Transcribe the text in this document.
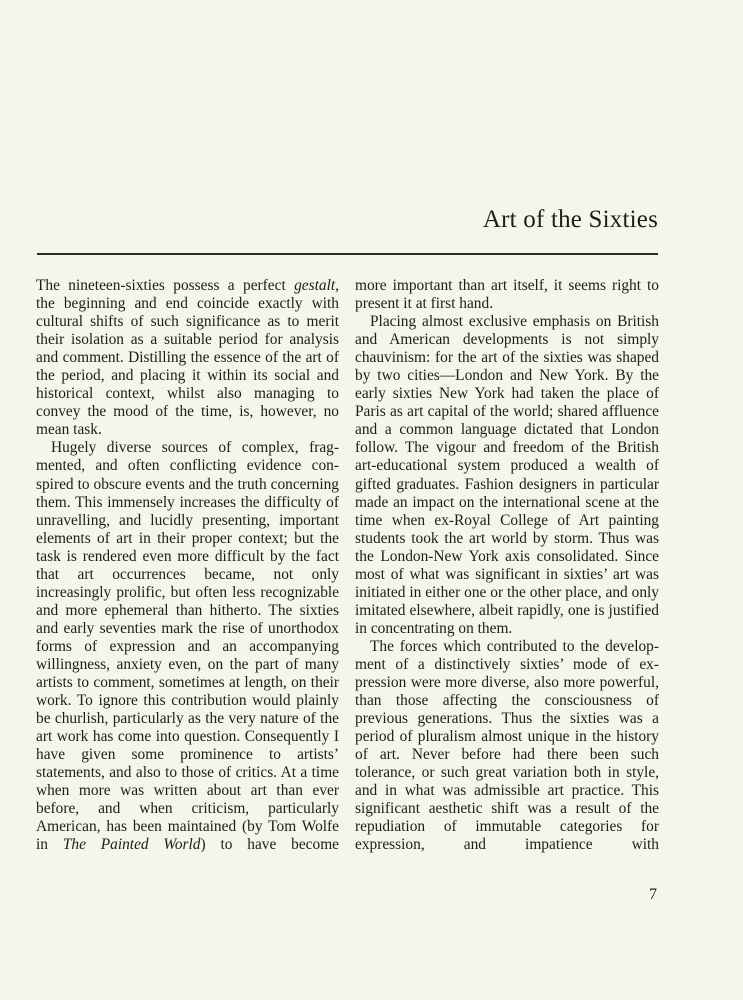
Art of the Sixties

The nineteen-sixties possess a perfect gestalt, the beginning and end coincide exactly with cultural shifts of such significance as to merit their isolation as a suitable period for analysis and comment. Distilling the essence of the art of the period, and placing it within its social and historical context, whilst also managing to convey the mood of the time, is, however, no mean task.

Hugely diverse sources of complex, fragmented, and often conflicting evidence conspired to obscure events and the truth concerning them. This immensely increases the difficulty of unravelling, and lucidly presenting, important elements of art in their proper context; but the task is rendered even more difficult by the fact that art occurrences became, not only increasingly prolific, but often less recognizable and more ephemeral than hitherto. The sixties and early seventies mark the rise of unorthodox forms of expression and an accompanying willingness, anxiety even, on the part of many artists to comment, sometimes at length, on their work. To ignore this contribution would plainly be churlish, particularly as the very nature of the art work has come into question. Consequently I have given some prominence to artists’ statements, and also to those of critics. At a time when more was written about art than ever before, and when criticism, particularly American, has been maintained (by Tom Wolfe in The Painted World) to have become

more important than art itself, it seems right to present it at first hand.

Placing almost exclusive emphasis on British and American developments is not simply chauvinism: for the art of the sixties was shaped by two cities—London and New York. By the early sixties New York had taken the place of Paris as art capital of the world; shared affluence and a common language dictated that London follow. The vigour and freedom of the British art-educational system produced a wealth of gifted graduates. Fashion designers in particular made an impact on the international scene at the time when ex-Royal College of Art painting students took the art world by storm. Thus was the London-New York axis consolidated. Since most of what was significant in sixties’ art was initiated in either one or the other place, and only imitated elsewhere, albeit rapidly, one is justified in concentrating on them.

The forces which contributed to the development of a distinctively sixties’ mode of expression were more diverse, also more powerful, than those affecting the consciousness of previous generations. Thus the sixties was a period of pluralism almost unique in the history of art. Never before had there been such tolerance, or such great variation both in style, and in what was admissible art practice. This significant aesthetic shift was a result of the repudiation of immutable categories for expression, and impatience with

7
